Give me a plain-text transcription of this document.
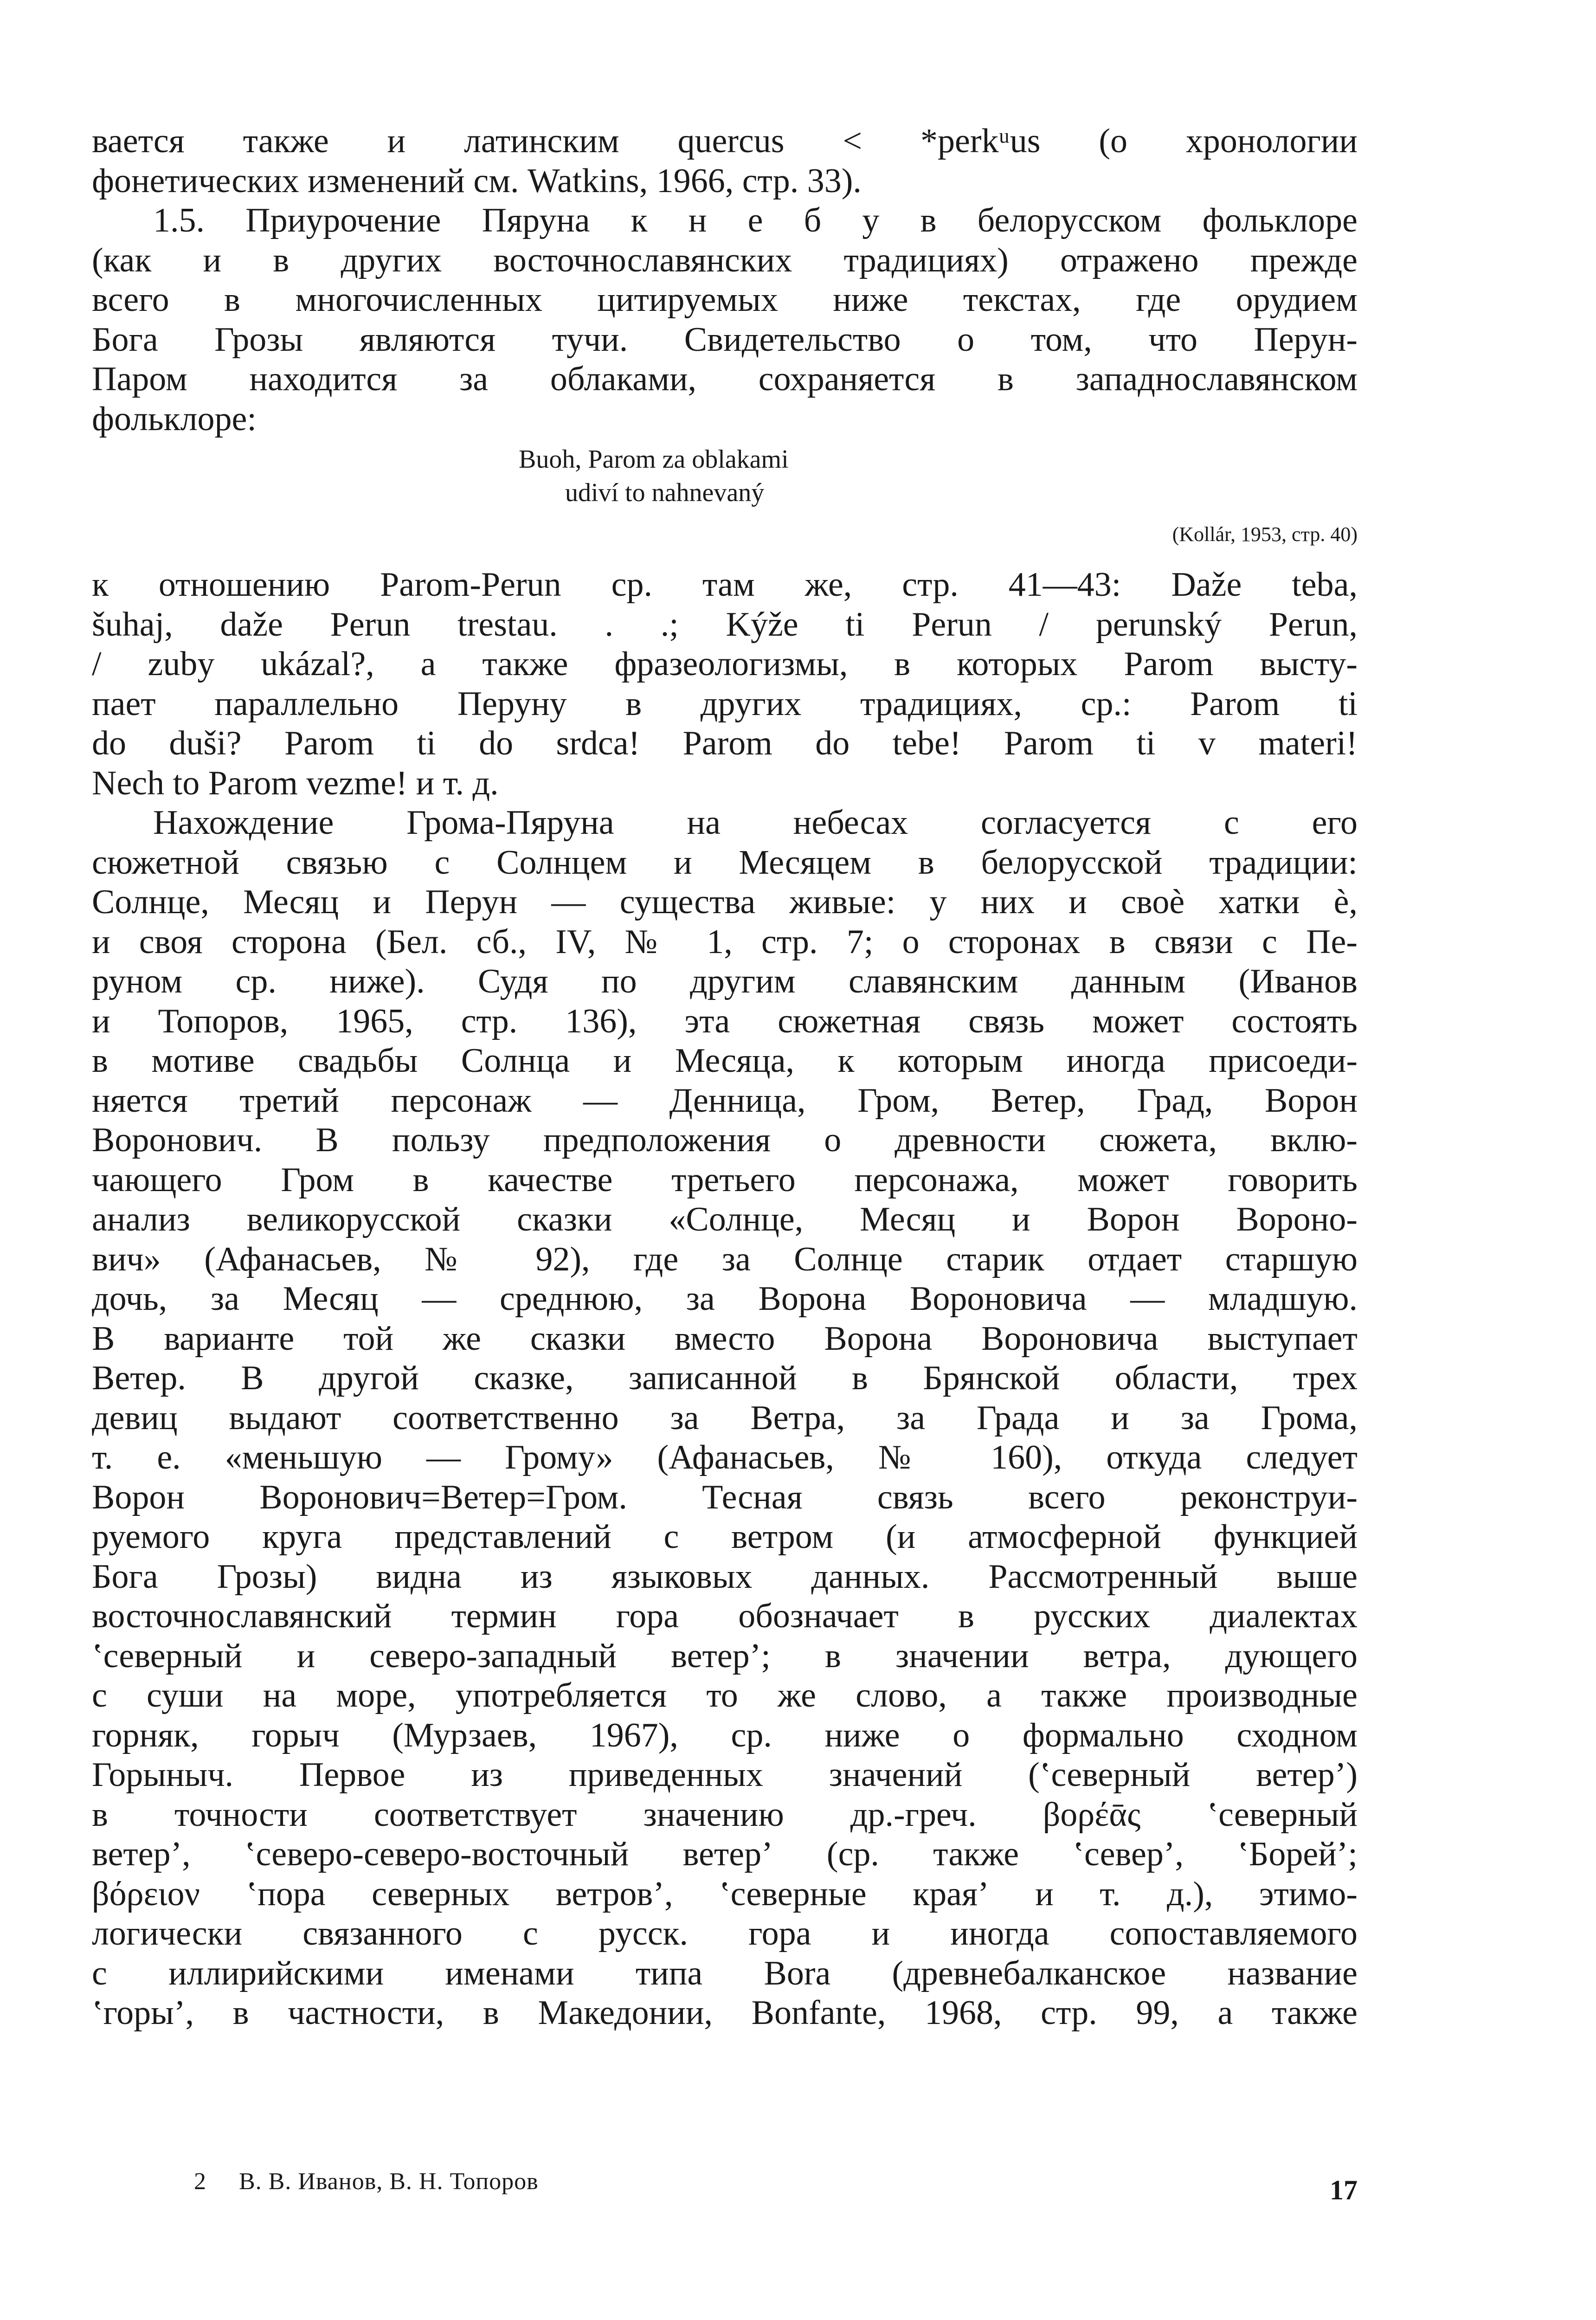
вается также и латинским quercus < *perkᵘus (о хронологии
фонетических изменений см. Watkins, 1966, стр. 33).
1.5. Приурочение Пяруна к н е б у в белорусском фольклоре
(как и в других восточнославянских традициях) отражено прежде
всего в многочисленных цитируемых ниже текстах, где орудием
Бога Грозы являются тучи. Свидетельство о том, что Перун-
Паром находится за облаками, сохраняется в западнославянском
фольклоре:
Buoh, Parom za oblakami
udiví to nahnevaný
(Kollár, 1953, стр. 40)
к отношению Parom-Perun ср. там же, стр. 41—43: Daže teba,
šuhaj, daže Perun trestau. . .; Kýže ti Perun / perunský Perun,
/ zuby ukázal?, а также фразеологизмы, в которых Parom высту-
пает параллельно Перуну в других традициях, ср.: Parom ti
do duši? Parom ti do srdca! Parom do tebe! Parom ti v materi!
Nech to Parom vezme! и т. д.
Нахождение Грома-Пяруна на небесах согласуется с его
сюжетной связью с Солнцем и Месяцем в белорусской традиции:
Солнце, Месяц и Перун — существа живые: у них и своѐ хатки ѐ,
и своя сторона (Бел. сб., IV, № 1, стр. 7; о сторонах в связи с Пе-
руном ср. ниже). Судя по другим славянским данным (Иванов
и Топоров, 1965, стр. 136), эта сюжетная связь может состоять
в мотиве свадьбы Солнца и Месяца, к которым иногда присоеди-
няется третий персонаж — Денница, Гром, Ветер, Град, Ворон
Воронович. В пользу предположения о древности сюжета, вклю-
чающего Гром в качестве третьего персонажа, может говорить
анализ великорусской сказки «Солнце, Месяц и Ворон Вороно-
вич» (Афанасьев, № 92), где за Солнце старик отдает старшую
дочь, за Месяц — среднюю, за Ворона Вороновича — младшую.
В варианте той же сказки вместо Ворона Вороновича выступает
Ветер. В другой сказке, записанной в Брянской области, трех
девиц выдают соответственно за Ветра, за Града и за Грома,
т. е. «меньшую — Грому» (Афанасьев, № 160), откуда следует
Ворон Воронович=Ветер=Гром. Тесная связь всего реконструи-
руемого круга представлений с ветром (и атмосферной функцией
Бога Грозы) видна из языковых данных. Рассмотренный выше
восточнославянский термин гора обозначает в русских диалектах
ʽсеверный и северо-западный ветерʼ; в значении ветра, дующего
с суши на море, употребляется то же слово, а также производные
горняк, горыч (Мурзаев, 1967), ср. ниже о формально сходном
Горыныч. Первое из приведенных значений (ʽсеверный ветерʼ)
в точности соответствует значению др.-греч. βορέᾱς ʽсеверный
ветерʼ, ʽсеверо-северо-восточный ветерʼ (ср. также ʽсеверʼ, ʽБорейʼ;
βόρειον ʽпора северных ветровʼ, ʽсеверные краяʼ и т. д.), этимо-
логически связанного с русск. гора и иногда сопоставляемого
с иллирийскими именами типа Bora (древнебалканское название
ʽгорыʼ, в частности, в Македонии, Bonfante, 1968, стр. 99, а также
2 В. В. Иванов, В. Н. Топоров	17
